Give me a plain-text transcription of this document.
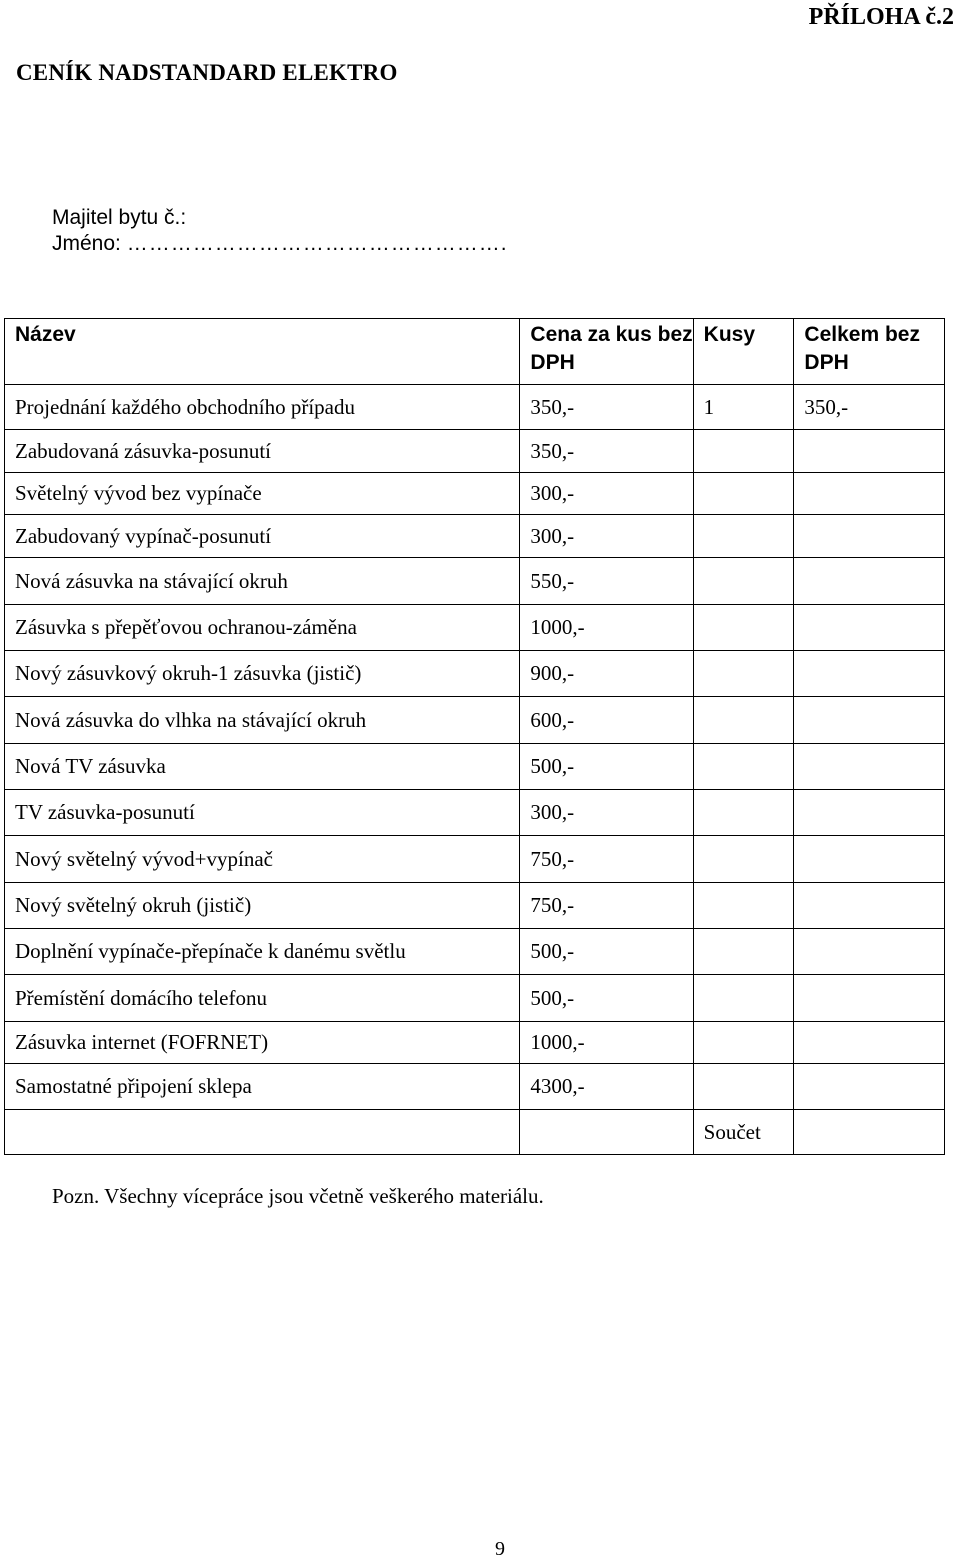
PŘÍLOHA č.2
CENÍK NADSTANDARD ELEKTRO
Majitel bytu č.:
Jméno: …………………………………………….
Název	Cena za kus bez DPH	Kusy	Celkem bez DPH
Projednání každého obchodního případu	350,-	1	350,-
Zabudovaná zásuvka-posunutí	350,-		
Světelný vývod bez vypínače	300,-		
Zabudovaný vypínač-posunutí	300,-		
Nová zásuvka na stávající okruh	550,-		
Zásuvka s přepěťovou ochranou-záměna	1000,-		
Nový zásuvkový okruh-1 zásuvka (jistič)	900,-		
Nová zásuvka do vlhka na stávající okruh	600,-		
Nová TV zásuvka	500,-		
TV zásuvka-posunutí	300,-		
Nový světelný vývod+vypínač	750,-		
Nový světelný okruh (jistič)	750,-		
Doplnění vypínače-přepínače k danému světlu	500,-		
Přemístění domácího telefonu	500,-		
Zásuvka internet (FOFRNET)	1000,-		
Samostatné připojení sklepa	4300,-		
		Součet	
Pozn. Všechny vícepráce jsou včetně veškerého materiálu.
9
